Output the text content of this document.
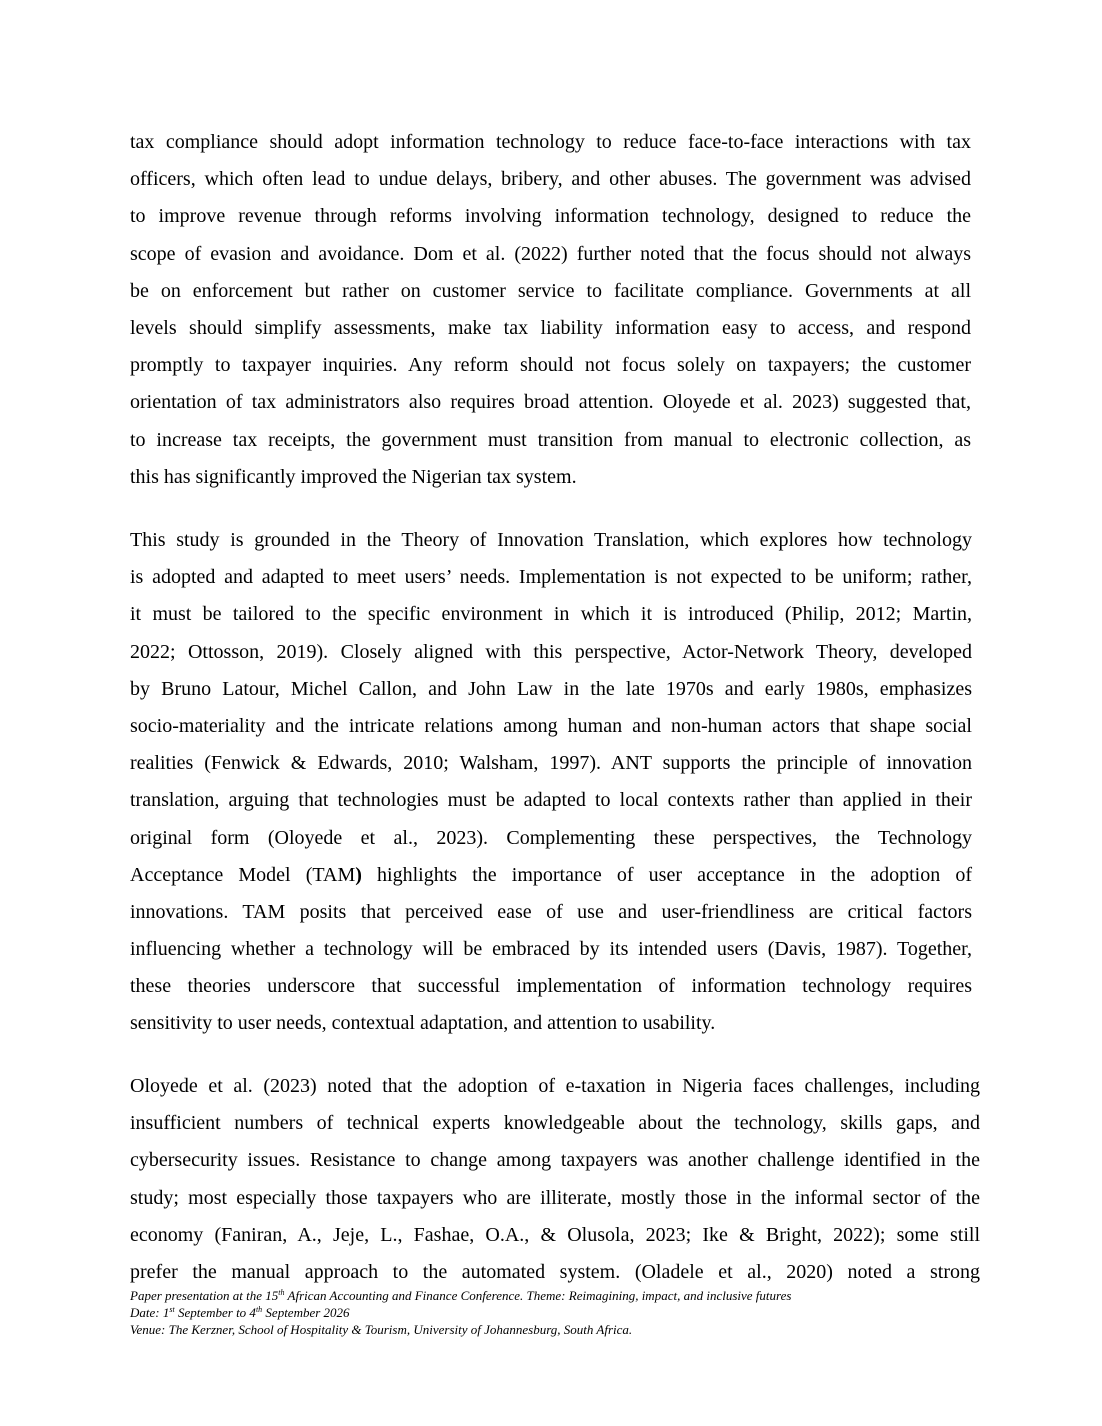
tax compliance should adopt information technology to reduce face-to-face interactions with tax
officers, which often lead to undue delays, bribery, and other abuses. The government was advised
to improve revenue through reforms involving information technology, designed to reduce the
scope of evasion and avoidance. Dom et al. (2022) further noted that the focus should not always
be on enforcement but rather on customer service to facilitate compliance. Governments at all
levels should simplify assessments, make tax liability information easy to access, and respond
promptly to taxpayer inquiries. Any reform should not focus solely on taxpayers; the customer
orientation of tax administrators also requires broad attention. Oloyede et al. 2023) suggested that,
to increase tax receipts, the government must transition from manual to electronic collection, as
this has significantly improved the Nigerian tax system.
This study is grounded in the Theory of Innovation Translation, which explores how technology
is adopted and adapted to meet users’ needs. Implementation is not expected to be uniform; rather,
it must be tailored to the specific environment in which it is introduced (Philip, 2012; Martin,
2022; Ottosson, 2019). Closely aligned with this perspective, Actor-Network Theory, developed
by Bruno Latour, Michel Callon, and John Law in the late 1970s and early 1980s, emphasizes
socio-materiality and the intricate relations among human and non-human actors that shape social
realities (Fenwick & Edwards, 2010; Walsham, 1997). ANT supports the principle of innovation
translation, arguing that technologies must be adapted to local contexts rather than applied in their
original form (Oloyede et al., 2023). Complementing these perspectives, the Technology
Acceptance Model (TAM) highlights the importance of user acceptance in the adoption of
innovations. TAM posits that perceived ease of use and user-friendliness are critical factors
influencing whether a technology will be embraced by its intended users (Davis, 1987). Together,
these theories underscore that successful implementation of information technology requires
sensitivity to user needs, contextual adaptation, and attention to usability.
Oloyede et al. (2023) noted that the adoption of e-taxation in Nigeria faces challenges, including
insufficient numbers of technical experts knowledgeable about the technology, skills gaps, and
cybersecurity issues. Resistance to change among taxpayers was another challenge identified in the
study; most especially those taxpayers who are illiterate, mostly those in the informal sector of the
economy (Faniran, A., Jeje, L., Fashae, O.A., & Olusola, 2023; Ike & Bright, 2022); some still
prefer the manual approach to the automated system. (Oladele et al., 2020) noted a strong
Paper presentation at the 15th African Accounting and Finance Conference. Theme: Reimagining, impact, and inclusive futures
Date: 1st September to 4th September 2026
Venue: The Kerzner, School of Hospitality & Tourism, University of Johannesburg, South Africa.
